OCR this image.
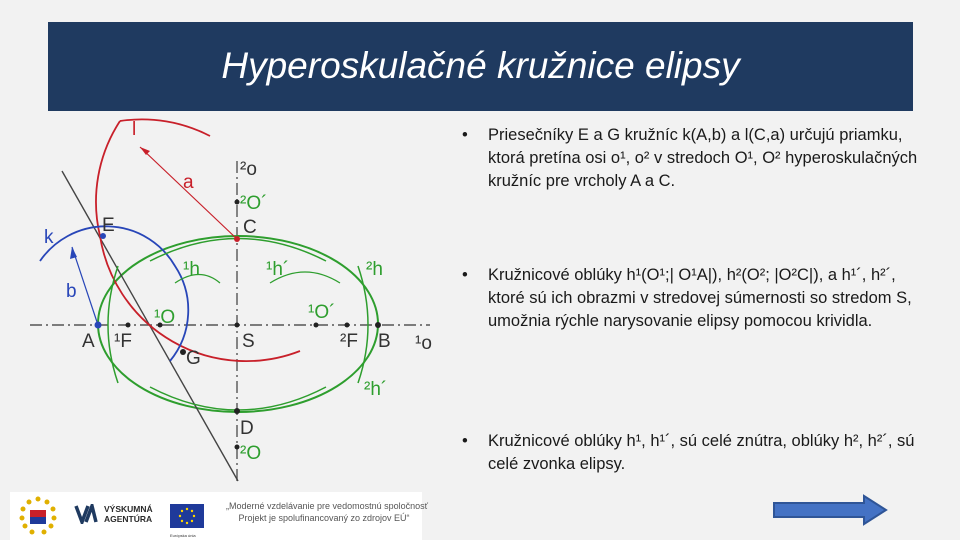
Hyperoskulačné kružnice elipsy
l
a
k
b
E	C
A ¹F
¹O
G
S	²F B
D
²O
²O´
¹O´
²o
¹o
¹h	¹h´	²h
²h´
• Priesečníky E a G kružníc k(A,b) a l(C,a) určujú priamku, ktorá pretína osi o¹, o² v stredoch O¹, O² hyperoskulačných kružníc pre vrcholy A a C.
• Kružnicové oblúky h¹(O¹;| O¹A|), h²(O²; |O²C|), a h¹´, h²´, ktoré sú ich obrazmi v stredovej súmernosti so stredom S, umožnia rýchle narysovanie elipsy pomocou krividla.
• Kružnicové oblúky h¹, h¹´, sú celé znútra, oblúky h², h²´, sú celé zvonka elipsy.
VÝSKUMNÁ
AGENTÚRA
Európska únia
„Moderné vzdelávanie pre vedomostnú spoločnosť
Projekt je spolufinancovaný zo zdrojov EÚ“
